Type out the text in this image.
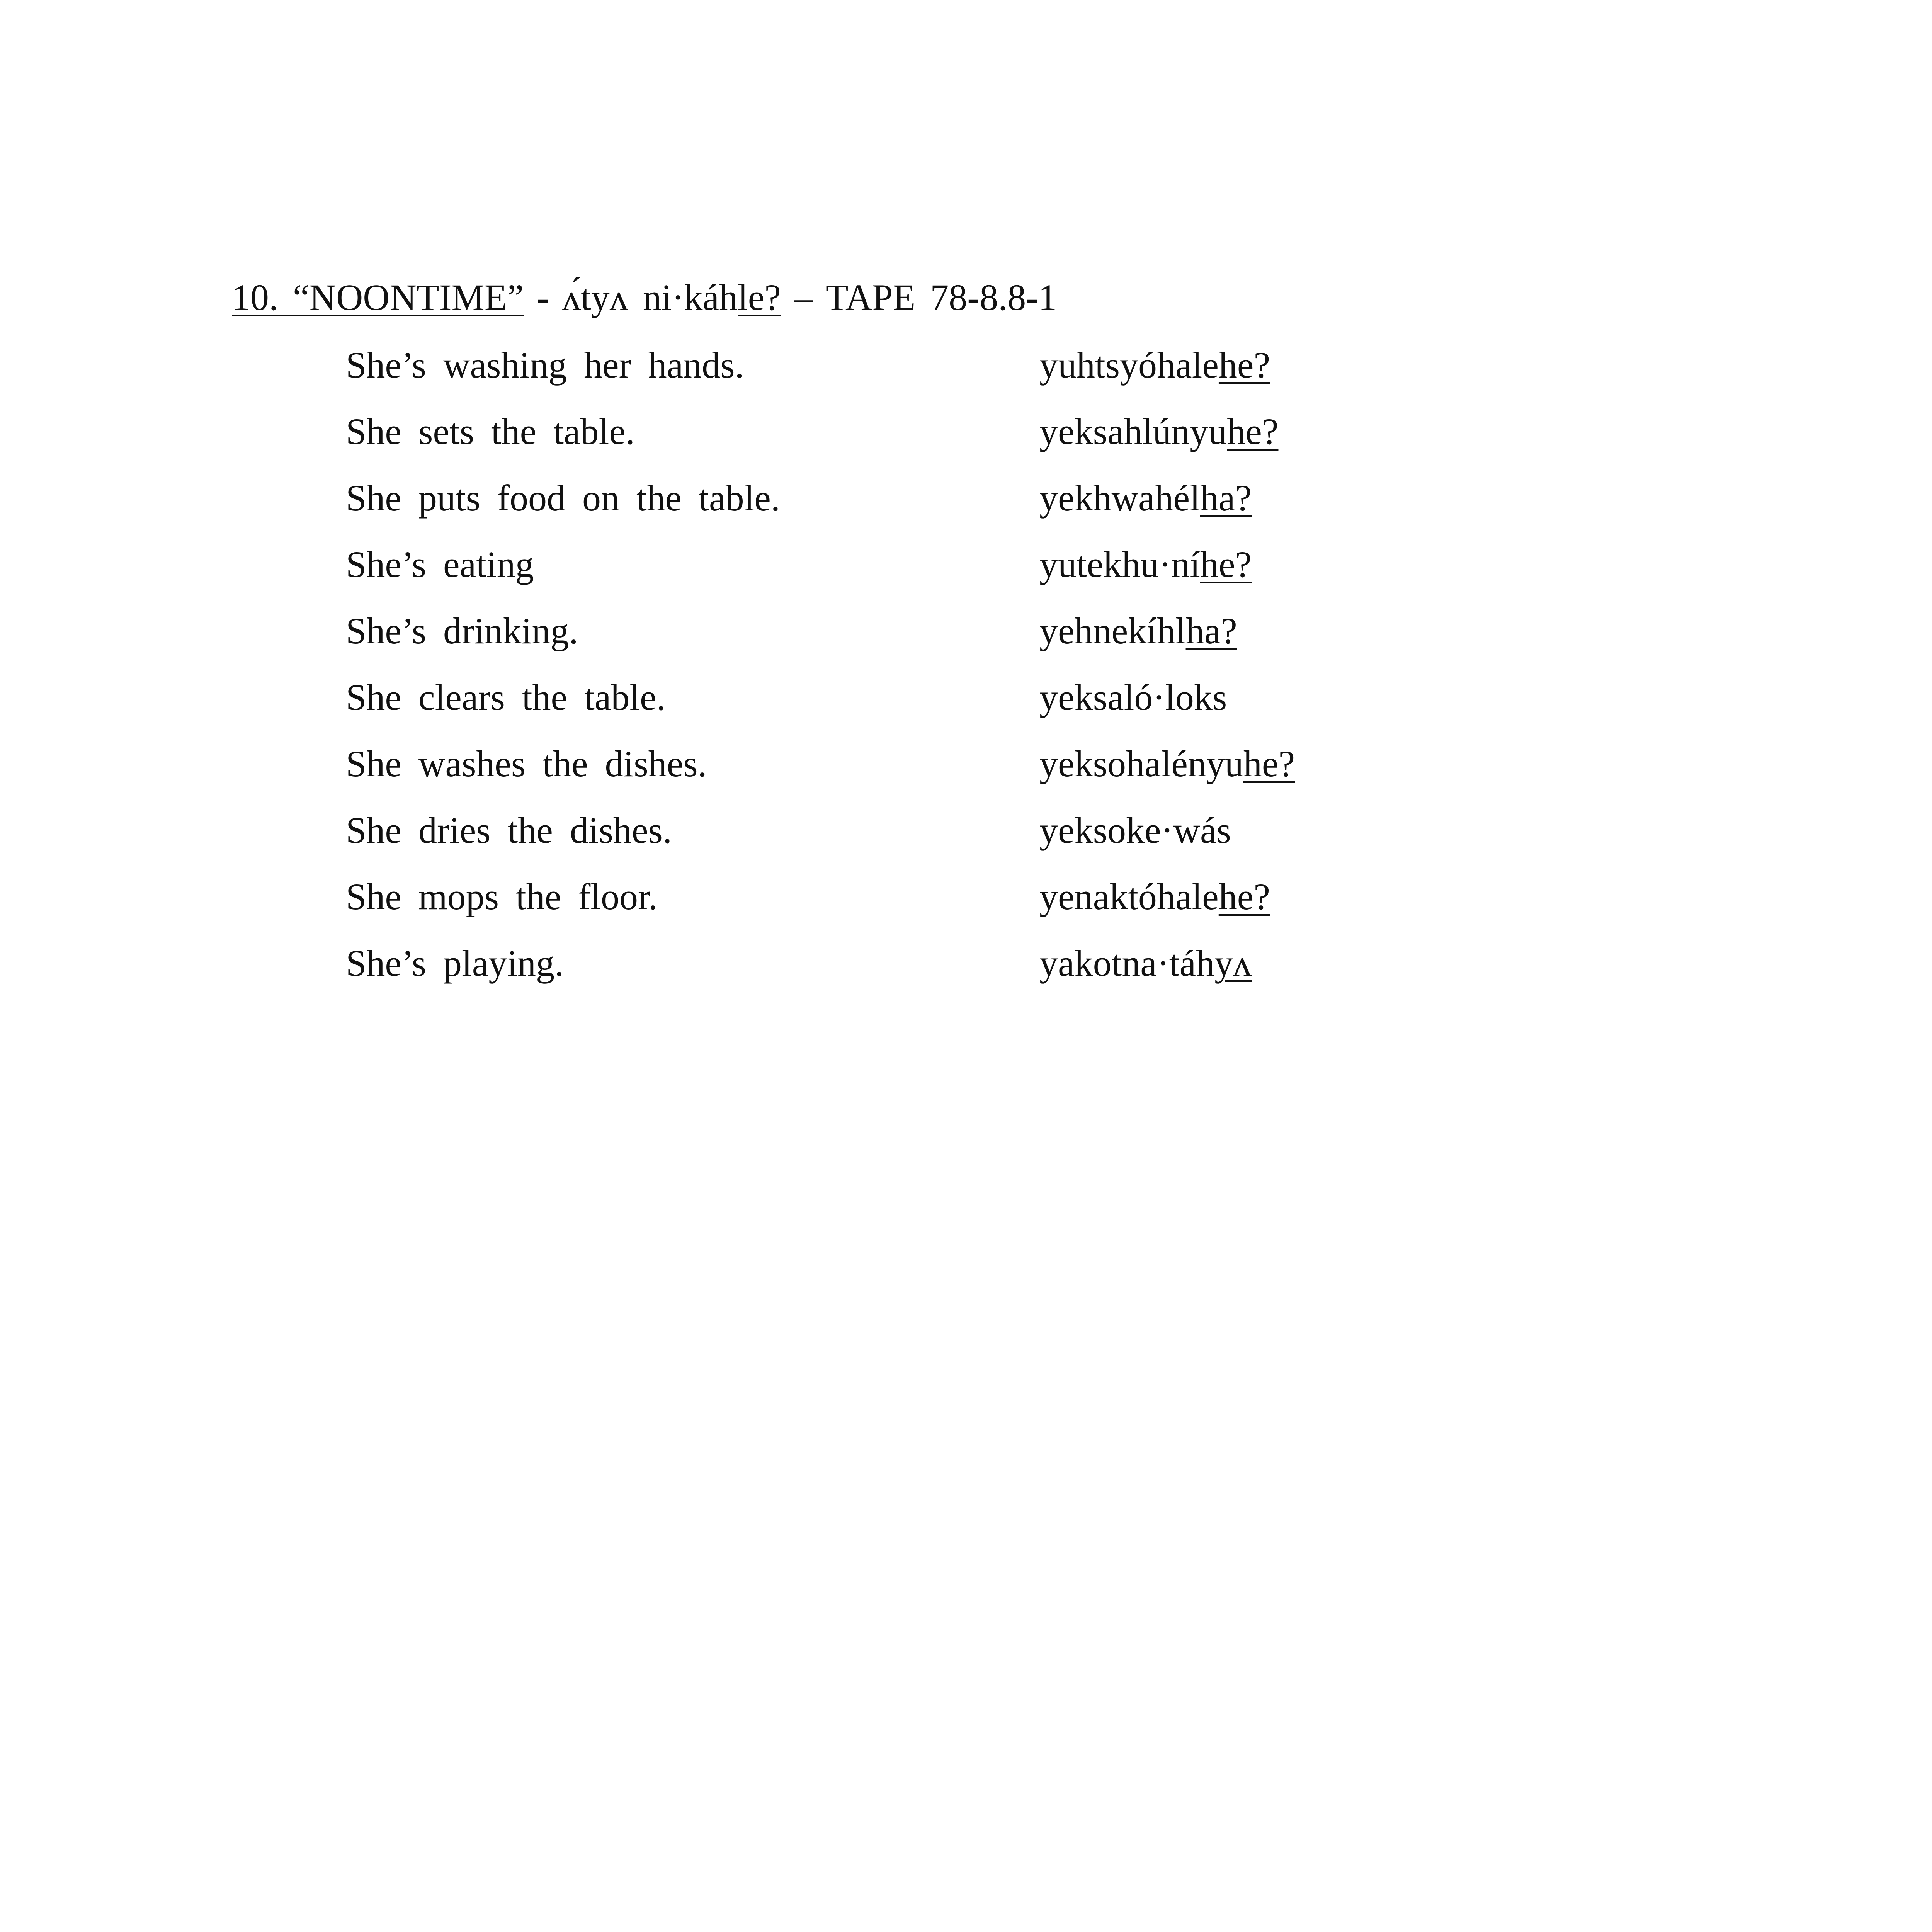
10. “NOONTIME” - ʌ́tyʌ ni·káhle? – TAPE 78-8.8-1
She’s washing her hands.	yuhtsyóhalehe?
She sets the table.	yeksahlúnyuhe?
She puts food on the table.	yekhwahélha?
She’s eating	yutekhu·níhe?
She’s drinking.	yehnekíhlha?
She clears the table.	yeksaló·loks
She washes the dishes.	yeksohalényuhe?
She dries the dishes.	yeksoke·wás
She mops the floor.	yenaktóhalehe?
She’s playing.	yakotna·táhyʌ
